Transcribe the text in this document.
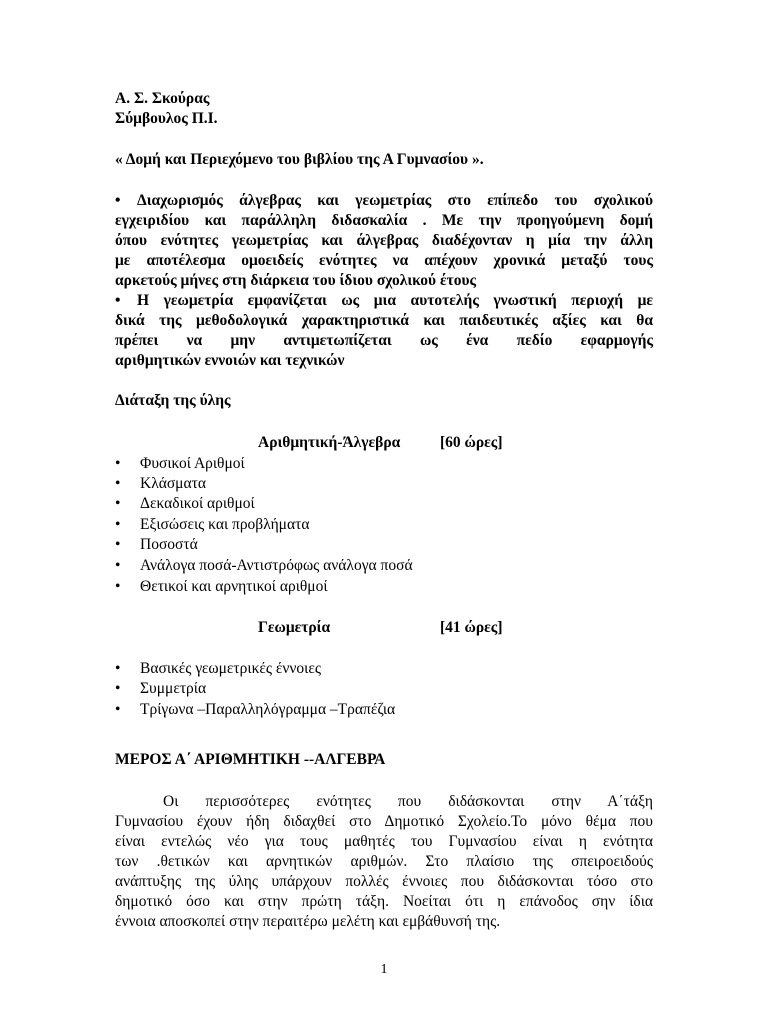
Α. Σ. Σκούρας
Σύμβουλος Π.Ι.
« Δομή και Περιεχόμενο του βιβλίου της Α Γυμνασίου ».
• Διαχωρισμός άλγεβρας και γεωμετρίας στο επίπεδο του σχολικού
εγχειριδίου και παράλληλη διδασκαλία . Με την προηγούμενη δομή
όπου ενότητες γεωμετρίας και άλγεβρας διαδέχονταν η μία την άλλη
με αποτέλεσμα ομοειδείς ενότητες να απέχουν χρονικά μεταξύ τους
αρκετούς μήνες στη διάρκεια του ίδιου σχολικού έτους
• Η γεωμετρία εμφανίζεται ως μια αυτοτελής γνωστική περιοχή με
δικά της μεθοδολογικά χαρακτηριστικά και παιδευτικές αξίες και θα
πρέπει να μην αντιμετωπίζεται ως ένα πεδίο εφαρμογής
αριθμητικών εννοιών και τεχνικών
Διάταξη της ύλης
Αριθμητική-Άλγεβρα	[60 ώρες]
• Φυσικοί Αριθμοί
• Κλάσματα
• Δεκαδικοί αριθμοί
• Εξισώσεις και προβλήματα
• Ποσοστά
• Ανάλογα ποσά-Αντιστρόφως ανάλογα ποσά
• Θετικοί και αρνητικοί αριθμοί
Γεωμετρία	[41 ώρες]
• Βασικές γεωμετρικές έννοιες
• Συμμετρία
• Τρίγωνα –Παραλληλόγραμμα –Τραπέζια
ΜΕΡΟΣ Α΄ ΑΡΙΘΜΗΤΙΚΗ --ΑΛΓΕΒΡΑ
Οι περισσότερες ενότητες που διδάσκονται στην Α΄τάξη
Γυμνασίου έχουν ήδη διδαχθεί στο Δημοτικό Σχολείο.Το μόνο θέμα που
είναι εντελώς νέο για τους μαθητές του Γυμνασίου είναι η ενότητα
των .θετικών και αρνητικών αριθμών. Στο πλαίσιο της σπειροειδούς
ανάπτυξης της ύλης υπάρχουν πολλές έννοιες που διδάσκονται τόσο στο
δημοτικό όσο και στην πρώτη τάξη. Νοείται ότι η επάνοδος σην ίδια
έννοια αποσκοπεί στην περαιτέρω μελέτη και εμβάθυνσή της.
1
